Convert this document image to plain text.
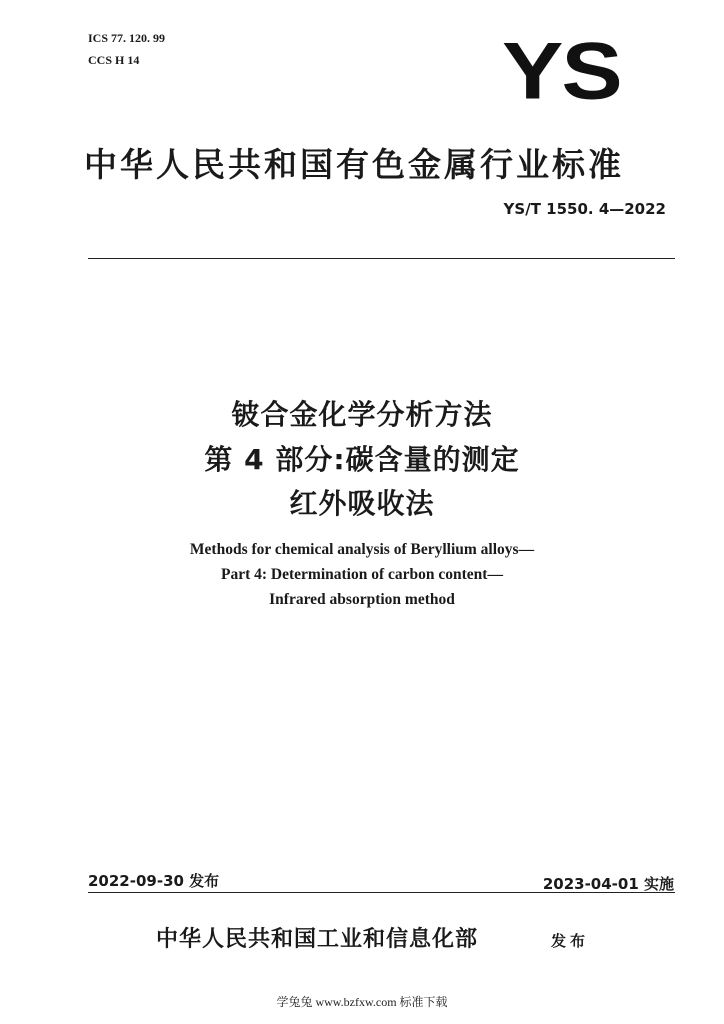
ICS 77. 120. 99
CCS H 14	YS
中华人民共和国有色金属行业标准
YS/T 1550. 4—2022
铍合金化学分析方法
第 4 部分:碳含量的测定
红外吸收法
Methods for chemical analysis of Beryllium alloys—
Part 4: Determination of carbon content—
Infrared absorption method
2022-09-30 发布	2023-04-01 实施
中华人民共和国工业和信息化部	发布
学兔兔 www.bzfxw.com 标准下载
